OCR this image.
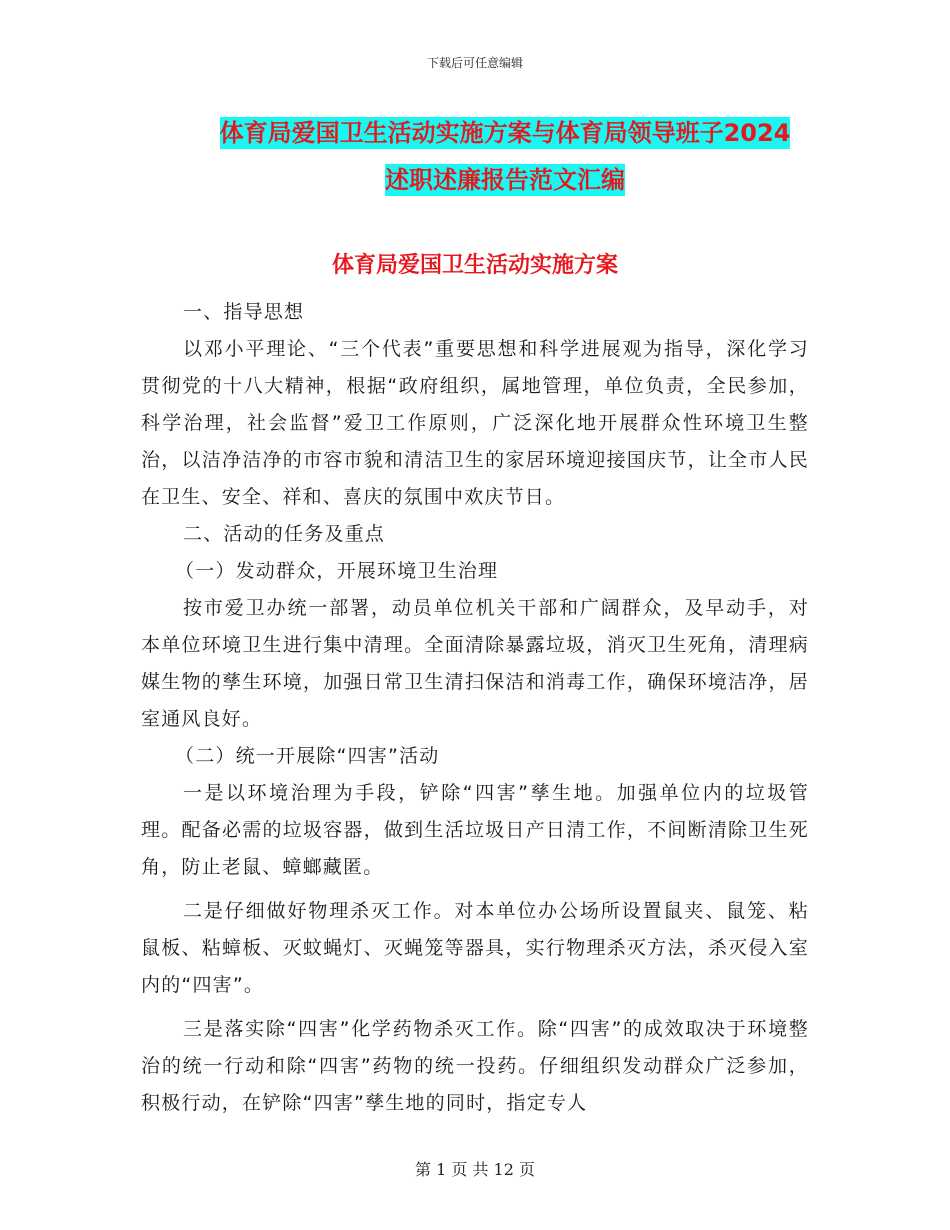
下载后可任意编辑
体育局爱国卫生活动实施方案与体育局领导班子2024
述职述廉报告范文汇编
体育局爱国卫生活动实施方案

一、指导思想

以邓小平理论、“三个代表”重要思想和科学进展观为指导，深化学习贯彻党的十八大精神，根据“政府组织，属地管理，单位负责，全民参加，科学治理，社会监督”爱卫工作原则，广泛深化地开展群众性环境卫生整治，以洁净洁净的市容市貌和清洁卫生的家居环境迎接国庆节，让全市人民在卫生、安全、祥和、喜庆的氛围中欢庆节日。

二、活动的任务及重点

（一）发动群众，开展环境卫生治理

按市爱卫办统一部署，动员单位机关干部和广阔群众，及早动手，对本单位环境卫生进行集中清理。全面清除暴露垃圾，消灭卫生死角，清理病媒生物的孳生环境，加强日常卫生清扫保洁和消毒工作，确保环境洁净，居室通风良好。

（二）统一开展除“四害”活动

一是以环境治理为手段，铲除“四害”孳生地。加强单位内的垃圾管理。配备必需的垃圾容器，做到生活垃圾日产日清工作，不间断清除卫生死角，防止老鼠、蟑螂藏匿。

二是仔细做好物理杀灭工作。对本单位办公场所设置鼠夹、鼠笼、粘鼠板、粘蟑板、灭蚊蝇灯、灭蝇笼等器具，实行物理杀灭方法，杀灭侵入室内的“四害”。

三是落实除“四害”化学药物杀灭工作。除“四害”的成效取决于环境整治的统一行动和除“四害”药物的统一投药。仔细组织发动群众广泛参加，积极行动，在铲除“四害”孳生地的同时，指定专人

第 1 页 共 12 页
